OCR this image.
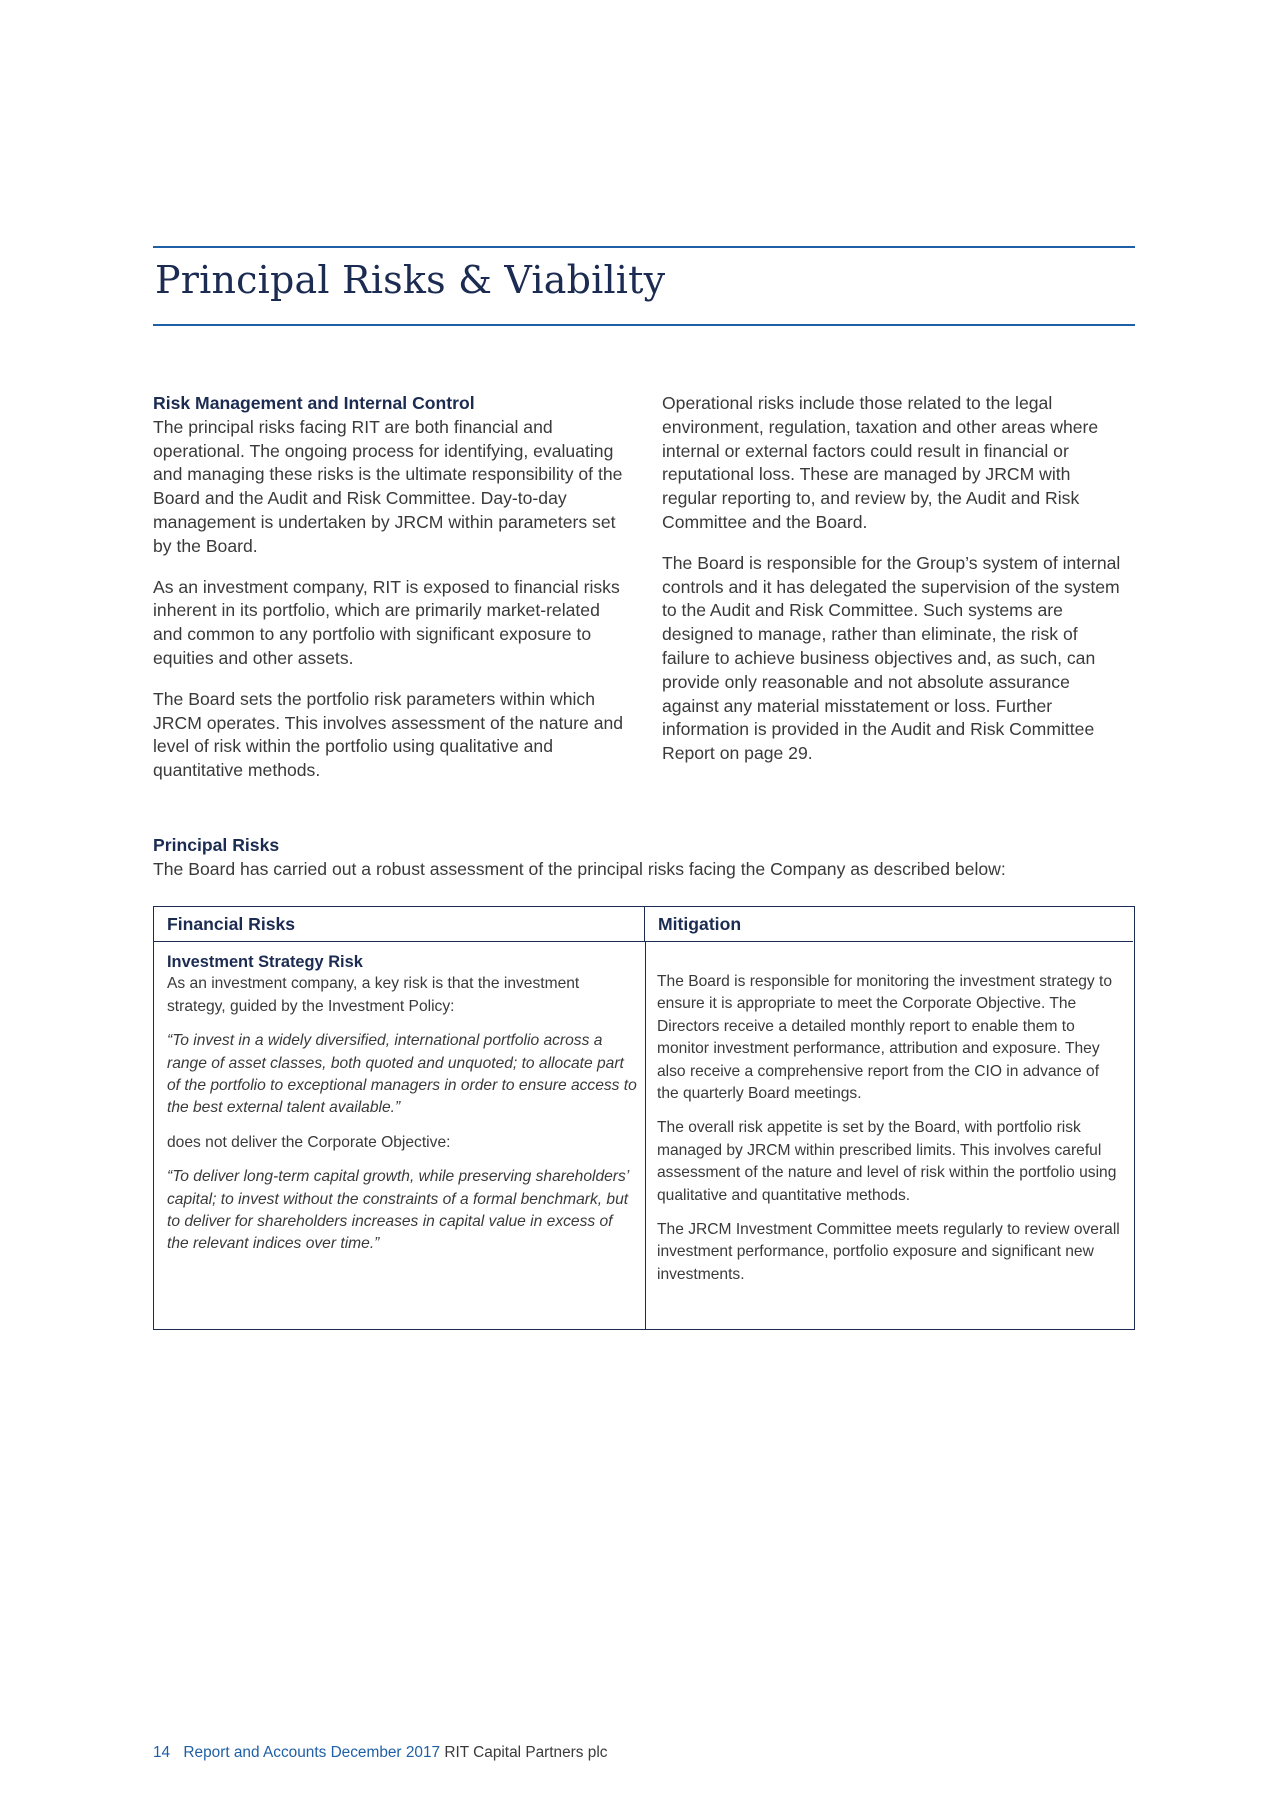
Principal Risks & Viability

Risk Management and Internal Control
The principal risks facing RIT are both financial and operational. The ongoing process for identifying, evaluating and managing these risks is the ultimate responsibility of the Board and the Audit and Risk Committee. Day-to-day management is undertaken by JRCM within parameters set by the Board.

As an investment company, RIT is exposed to financial risks inherent in its portfolio, which are primarily market-related and common to any portfolio with significant exposure to equities and other assets.

The Board sets the portfolio risk parameters within which JRCM operates. This involves assessment of the nature and level of risk within the portfolio using qualitative and quantitative methods.

Operational risks include those related to the legal environment, regulation, taxation and other areas where internal or external factors could result in financial or reputational loss. These are managed by JRCM with regular reporting to, and review by, the Audit and Risk Committee and the Board.

The Board is responsible for the Group’s system of internal controls and it has delegated the supervision of the system to the Audit and Risk Committee. Such systems are designed to manage, rather than eliminate, the risk of failure to achieve business objectives and, as such, can provide only reasonable and not absolute assurance against any material misstatement or loss. Further information is provided in the Audit and Risk Committee Report on page 29.

Principal Risks

The Board has carried out a robust assessment of the principal risks facing the Company as described below:

Financial Risks	Mitigation

Investment Strategy Risk
As an investment company, a key risk is that the investment strategy, guided by the Investment Policy:

“To invest in a widely diversified, international portfolio across a range of asset classes, both quoted and unquoted; to allocate part of the portfolio to exceptional managers in order to ensure access to the best external talent available.”

does not deliver the Corporate Objective:

“To deliver long-term capital growth, while preserving shareholders’ capital; to invest without the constraints of a formal benchmark, but to deliver for shareholders increases in capital value in excess of the relevant indices over time.”

The Board is responsible for monitoring the investment strategy to ensure it is appropriate to meet the Corporate Objective. The Directors receive a detailed monthly report to enable them to monitor investment performance, attribution and exposure. They also receive a comprehensive report from the CIO in advance of the quarterly Board meetings.

The overall risk appetite is set by the Board, with portfolio risk managed by JRCM within prescribed limits. This involves careful assessment of the nature and level of risk within the portfolio using qualitative and quantitative methods.

The JRCM Investment Committee meets regularly to review overall investment performance, portfolio exposure and significant new investments.

14 Report and Accounts December 2017 RIT Capital Partners plc
